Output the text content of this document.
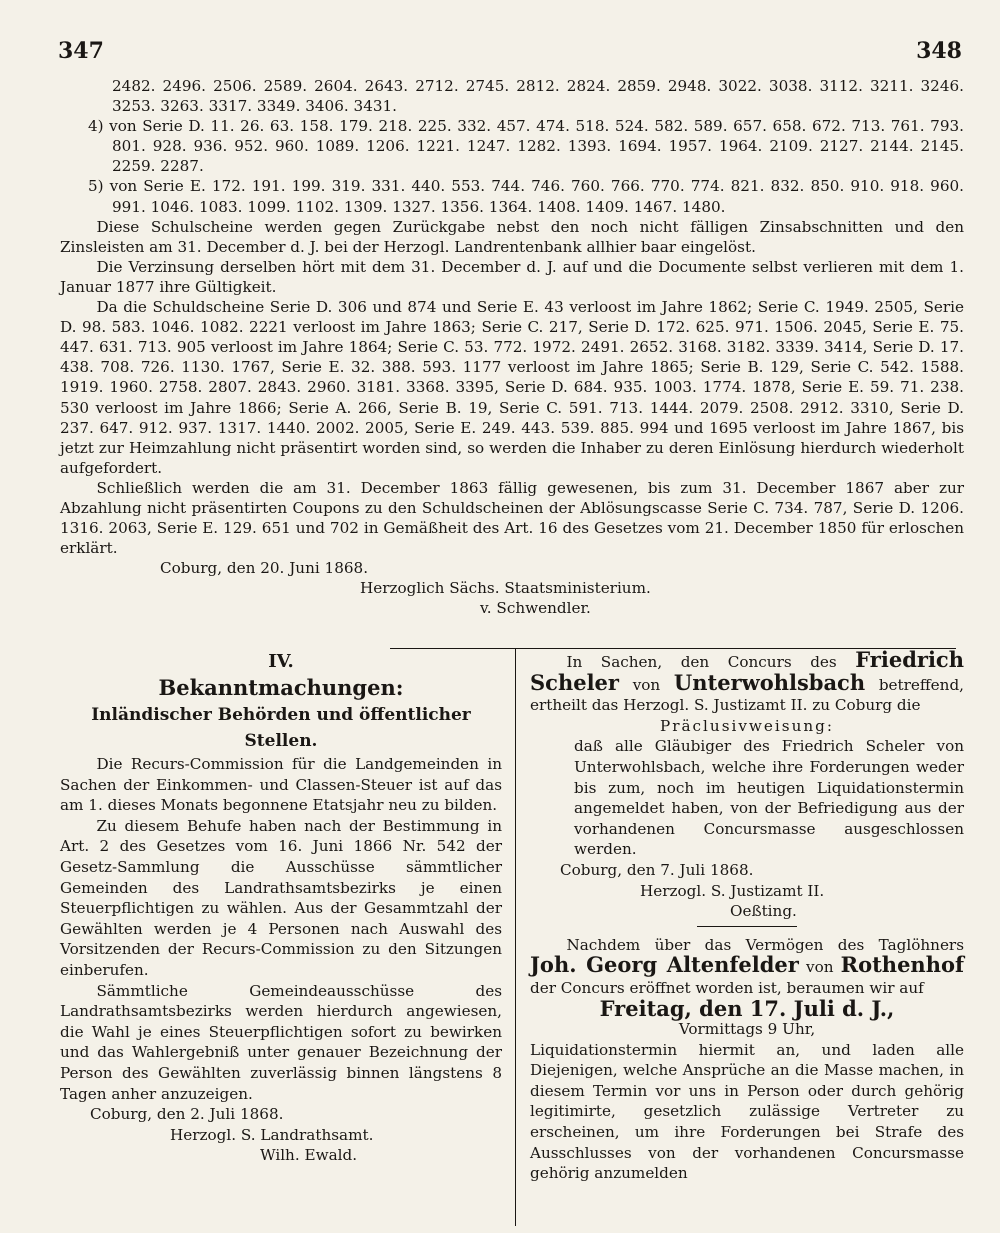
347	348

2482. 2496. 2506. 2589. 2604. 2643. 2712. 2745. 2812. 2824. 2859. 2948. 3022. 3038. 3112. 3211. 3246. 3253. 3263. 3317. 3349. 3406. 3431.

4) von Serie D. 11. 26. 63. 158. 179. 218. 225. 332. 457. 474. 518. 524. 582. 589. 657. 658. 672. 713. 761. 793. 801. 928. 936. 952. 960. 1089. 1206. 1221. 1247. 1282. 1393. 1694. 1957. 1964. 2109. 2127. 2144. 2145. 2259. 2287.

5) von Serie E. 172. 191. 199. 319. 331. 440. 553. 744. 746. 760. 766. 770. 774. 821. 832. 850. 910. 918. 960. 991. 1046. 1083. 1099. 1102. 1309. 1327. 1356. 1364. 1408. 1409. 1467. 1480.

Diese Schulscheine werden gegen Zurückgabe nebst den noch nicht fälligen Zinsabschnitten und den Zinsleisten am 31. December d. J. bei der Herzogl. Landrentenbank allhier baar eingelöst.

Die Verzinsung derselben hört mit dem 31. December d. J. auf und die Documente selbst verlieren mit dem 1. Januar 1877 ihre Gültigkeit.

Da die Schuldscheine Serie D. 306 und 874 und Serie E. 43 verloost im Jahre 1862; Serie C. 1949. 2505, Serie D. 98. 583. 1046. 1082. 2221 verloost im Jahre 1863; Serie C. 217, Serie D. 172. 625. 971. 1506. 2045, Serie E. 75. 447. 631. 713. 905 verloost im Jahre 1864; Serie C. 53. 772. 1972. 2491. 2652. 3168. 3182. 3339. 3414, Serie D. 17. 438. 708. 726. 1130. 1767, Serie E. 32. 388. 593. 1177 verloost im Jahre 1865; Serie B. 129, Serie C. 542. 1588. 1919. 1960. 2758. 2807. 2843. 2960. 3181. 3368. 3395, Serie D. 684. 935. 1003. 1774. 1878, Serie E. 59. 71. 238. 530 verloost im Jahre 1866; Serie A. 266, Serie B. 19, Serie C. 591. 713. 1444. 2079. 2508. 2912. 3310, Serie D. 237. 647. 912. 937. 1317. 1440. 2002. 2005, Serie E. 249. 443. 539. 885. 994 und 1695 verloost im Jahre 1867, bis jetzt zur Heimzahlung nicht präsentirt worden sind, so werden die Inhaber zu deren Einlösung hierdurch wiederholt aufgefordert.

Schließlich werden die am 31. December 1863 fällig gewesenen, bis zum 31. December 1867 aber zur Abzahlung nicht präsentirten Coupons zu den Schuldscheinen der Ablösungscasse Serie C. 734. 787, Serie D. 1206. 1316. 2063, Serie E. 129. 651 und 702 in Gemäßheit des Art. 16 des Gesetzes vom 21. December 1850 für erloschen erklärt.

Coburg, den 20. Juni 1868.

Herzoglich Sächs. Staatsministerium.

v. Schwendler.

IV.

Bekanntmachungen:

Inländischer Behörden und öffentlicher Stellen.

Die Recurs-Commission für die Landgemeinden in Sachen der Einkommen- und Classen-Steuer ist auf das am 1. dieses Monats begonnene Etatsjahr neu zu bilden.

Zu diesem Behufe haben nach der Bestimmung in Art. 2 des Gesetzes vom 16. Juni 1866 Nr. 542 der Gesetz-Sammlung die Ausschüsse sämmtlicher Gemeinden des Landrathsamtsbezirks je einen Steuerpflichtigen zu wählen. Aus der Gesammtzahl der Gewählten werden je 4 Personen nach Auswahl des Vorsitzenden der Recurs-Commission zu den Sitzungen einberufen.

Sämmtliche Gemeindeausschüsse des Landrathsamtsbezirks werden hierdurch angewiesen, die Wahl je eines Steuerpflichtigen sofort zu bewirken und das Wahlergebniß unter genauer Bezeichnung der Person des Gewählten zuverlässig binnen längstens 8 Tagen anher anzuzeigen.

Coburg, den 2. Juli 1868.

Herzogl. S. Landrathsamt.

Wilh. Ewald.

In Sachen, den Concurs des Friedrich Scheler von Unterwohlsbach betreffend, ertheilt das Herzogl. S. Justizamt II. zu Coburg die

Präclusivweisung:

daß alle Gläubiger des Friedrich Scheler von Unterwohlsbach, welche ihre Forderungen weder bis zum, noch im heutigen Liquidationstermin angemeldet haben, von der Befriedigung aus der vorhandenen Concursmasse ausgeschlossen werden.

Coburg, den 7. Juli 1868.

Herzogl. S. Justizamt II.

Oeßting.

Nachdem über das Vermögen des Taglöhners Joh. Georg Altenfelder von Rothenhof der Concurs eröffnet worden ist, beraumen wir auf

Freitag, den 17. Juli d. J.,

Vormittags 9 Uhr,

Liquidationstermin hiermit an, und laden alle Diejenigen, welche Ansprüche an die Masse machen, in diesem Termin vor uns in Person oder durch gehörig legitimirte, gesetzlich zulässige Vertreter zu erscheinen, um ihre Forderungen bei Strafe des Ausschlusses von der vorhandenen Concursmasse gehörig anzumelden
